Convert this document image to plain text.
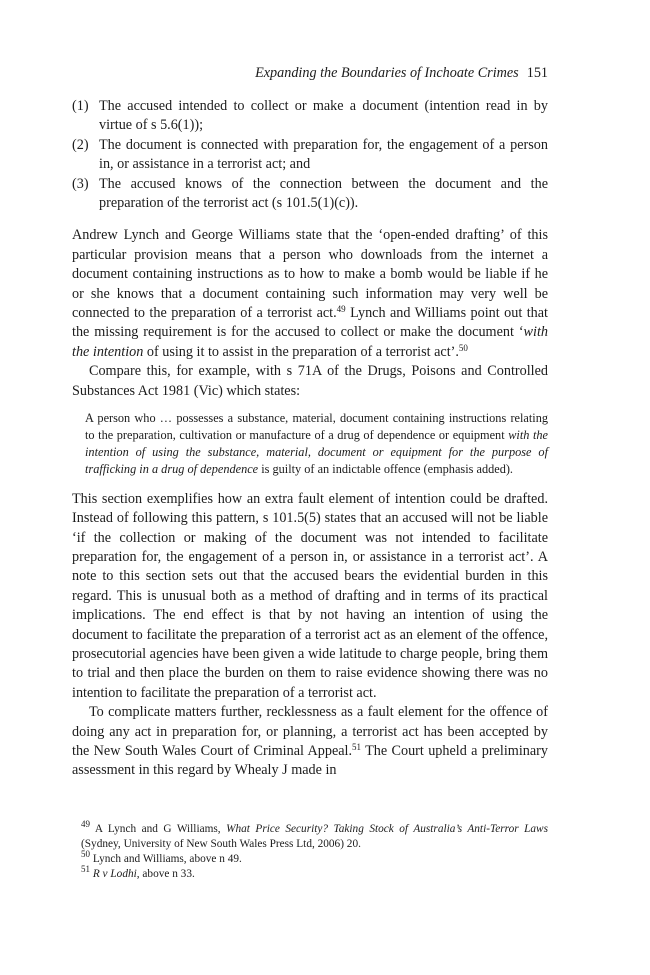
Expanding the Boundaries of Inchoate Crimes 151
(1) The accused intended to collect or make a document (intention read in by virtue of s 5.6(1));
(2) The document is connected with preparation for, the engagement of a person in, or assistance in a terrorist act; and
(3) The accused knows of the connection between the document and the preparation of the terrorist act (s 101.5(1)(c)).

Andrew Lynch and George Williams state that the ‘open-ended drafting’ of this particular provision means that a person who downloads from the internet a document containing instructions as to how to make a bomb would be liable if he or she knows that a document containing such information may very well be connected to the preparation of a terrorist act.$^{49}$ Lynch and Williams point out that the missing requirement is for the accused to collect or make the document ‘with the intention of using it to assist in the preparation of a terrorist act’.$^{50}$

Compare this, for example, with s 71A of the Drugs, Poisons and Controlled Substances Act 1981 (Vic) which states:

A person who … possesses a substance, material, document containing instructions relating to the preparation, cultivation or manufacture of a drug of dependence or equipment with the intention of using the substance, material, document or equipment for the purpose of trafficking in a drug of dependence is guilty of an indictable offence (emphasis added).

This section exemplifies how an extra fault element of intention could be drafted. Instead of following this pattern, s 101.5(5) states that an accused will not be liable ‘if the collection or making of the document was not intended to facilitate preparation for, the engagement of a person in, or assistance in a terrorist act’. A note to this section sets out that the accused bears the evidential burden in this regard. This is unusual both as a method of drafting and in terms of its practical implications. The end effect is that by not having an intention of using the document to facilitate the preparation of a terrorist act as an element of the offence, prosecutorial agencies have been given a wide latitude to charge people, bring them to trial and then place the burden on them to raise evidence showing there was no intention to facilitate the preparation of a terrorist act.

To complicate matters further, recklessness as a fault element for the offence of doing any act in preparation for, or planning, a terrorist act has been accepted by the New South Wales Court of Criminal Appeal.$^{51}$ The Court upheld a preliminary assessment in this regard by Whealy J made in

$^{49}$ A Lynch and G Williams, What Price Security? Taking Stock of Australia’s Anti-Terror Laws (Sydney, University of New South Wales Press Ltd, 2006) 20.
$^{50}$ Lynch and Williams, above n 49.
$^{51}$ R v Lodhi, above n 33.
